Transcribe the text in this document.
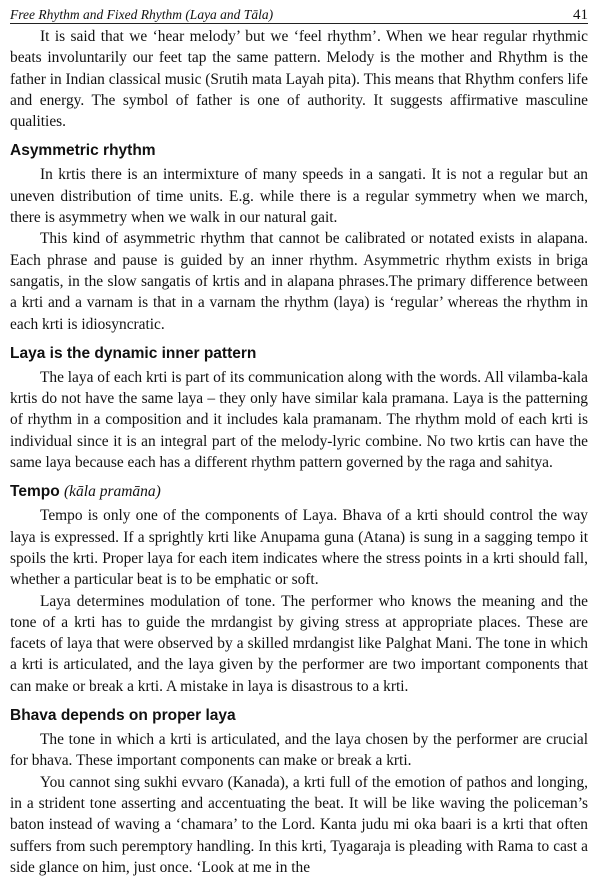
Free Rhythm and Fixed Rhythm (Laya and Tāla)	41

It is said that we ‘hear melody’ but we ‘feel rhythm’. When we hear regular rhythmic beats involuntarily our feet tap the same pattern. Melody is the mother and Rhythm is the father in Indian classical music (Srutih mata Layah pita). This means that Rhythm confers life and energy. The symbol of father is one of authority. It suggests affirmative masculine qualities.

Asymmetric rhythm

In krtis there is an intermixture of many speeds in a sangati. It is not a regular but an uneven distribution of time units. E.g. while there is a regular symmetry when we march, there is asymmetry when we walk in our natural gait.

This kind of asymmetric rhythm that cannot be calibrated or notated exists in alapana. Each phrase and pause is guided by an inner rhythm. Asymmetric rhythm exists in briga sangatis, in the slow sangatis of krtis and in alapana phrases.The primary difference between a krti and a varnam is that in a varnam the rhythm (laya) is ‘regular’ whereas the rhythm in each krti is idiosyncratic.

Laya is the dynamic inner pattern

The laya of each krti is part of its communication along with the words. All vilamba-kala krtis do not have the same laya – they only have similar kala pramana. Laya is the patterning of rhythm in a composition and it includes kala pramanam. The rhythm mold of each krti is individual since it is an integral part of the melody-lyric combine. No two krtis can have the same laya because each has a different rhythm pattern governed by the raga and sahitya.

Tempo (kāla pramāna)

Tempo is only one of the components of Laya. Bhava of a krti should control the way laya is expressed. If a sprightly krti like Anupama guna (Atana) is sung in a sagging tempo it spoils the krti. Proper laya for each item indicates where the stress points in a krti should fall, whether a particular beat is to be emphatic or soft.

Laya determines modulation of tone. The performer who knows the meaning and the tone of a krti has to guide the mrdangist by giving stress at appropriate places. These are facets of laya that were observed by a skilled mrdangist like Palghat Mani. The tone in which a krti is articulated, and the laya given by the performer are two important components that can make or break a krti. A mistake in laya is disastrous to a krti.

Bhava depends on proper laya

The tone in which a krti is articulated, and the laya chosen by the performer are crucial for bhava. These important components can make or break a krti.

You cannot sing sukhi evvaro (Kanada), a krti full of the emotion of pathos and longing, in a strident tone asserting and accentuating the beat. It will be like waving the policeman’s baton instead of waving a ‘chamara’ to the Lord. Kanta judu mi oka baari is a krti that often suffers from such peremptory handling. In this krti, Tyagaraja is pleading with Rama to cast a side glance on him, just once. ‘Look at me in the
